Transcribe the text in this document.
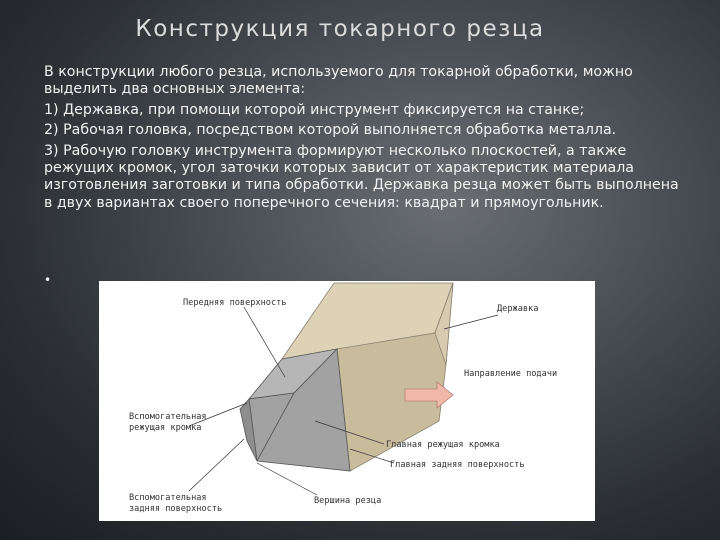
Конструкция токарного резца

В конструкции любого резца, используемого для токарной обработки, можно выделить два основных элемента:

1) Державка, при помощи которой инструмент фиксируется на станке;

2) Рабочая головка, посредством которой выполняется обработка металла.

3) Рабочую головку инструмента формируют несколько плоскостей, а также режущих кромок, угол заточки которых зависит от характеристик материала изготовления заготовки и типа обработки. Державка резца может быть выполнена в двух вариантах своего поперечного сечения: квадрат и прямоугольник.

•
Передняя поверхность
Державка
Направление подачи
Вспомогательная
режущая кромка
Главная режущая кромка
Главная задняя поверхность
Вспомогательная
задняя поверхность
Вершина резца
